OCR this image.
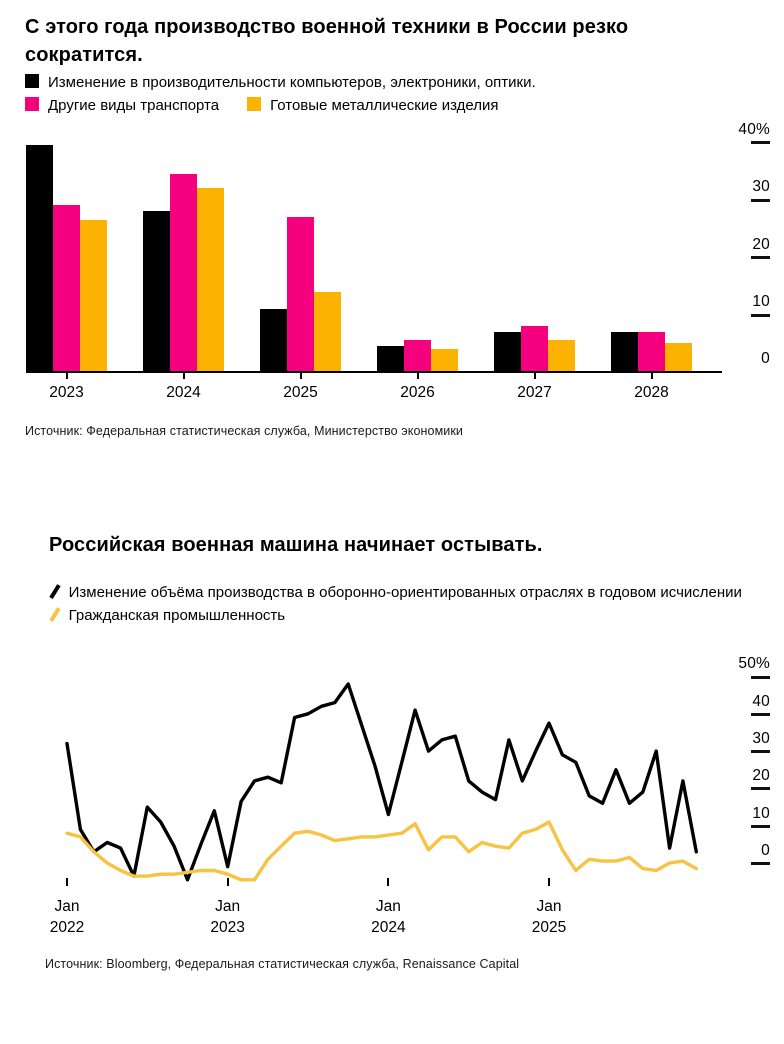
С этого года производство военной техники в России резко сократится.
Изменение в производительности компьютеров, электроники, оптики.
Другие виды транспорта	Готовые металлические изделия
0
10
20
30
40%
2023	2024	2025	2026	2027	2028
Источник: Федеральная статистическая служба, Министерство экономики
Российская военная машина начинает остывать.
Изменение объёма производства в оборонно-ориентированных отраслях в годовом исчислении
Гражданская промышленность
0
10
20
30
40
50%
Jan
2022
Jan
2023
Jan
2024
Jan
2025
Источник: Bloomberg, Федеральная статистическая служба, Renaissance Capital
